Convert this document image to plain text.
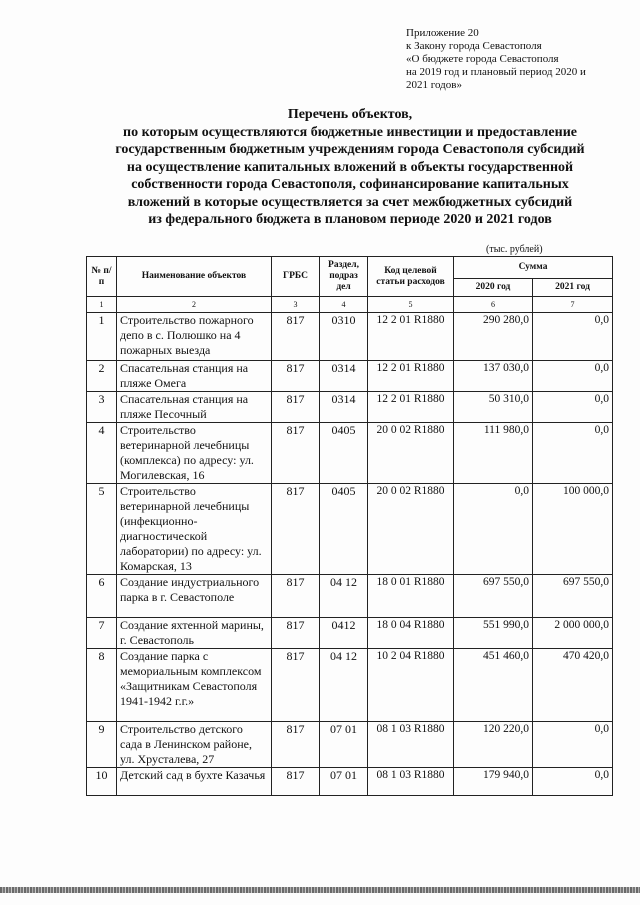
Приложение 20
к Закону города Севастополя
«О бюджете города Севастополя
на 2019 год и плановый период 2020 и
2021 годов»
Перечень объектов,
по которым осуществляются бюджетные инвестиции и предоставление
государственным бюджетным учреждениям города Севастополя субсидий
на осуществление капитальных вложений в объекты государственной
собственности города Севастополя, софинансирование капитальных
вложений в которые осуществляется за счет межбюджетных субсидий
из федерального бюджета в плановом периоде 2020 и 2021 годов
(тыс. рублей)
№ п/п	Наименование объектов	ГРБС	Раздел, подраз дел	Код целевой статьи расходов	Сумма	
					2020 год	2021 год
1	2	3	4	5	6	7
1	Строительство пожарного депо в с. Полюшко на 4 пожарных выезда	817	0310	12 2 01 R1880	290 280,0	0,0
2	Спасательная станция на пляже Омега	817	0314	12 2 01 R1880	137 030,0	0,0
3	Спасательная станция на пляже Песочный	817	0314	12 2 01 R1880	50 310,0	0,0
4	Строительство ветеринарной лечебницы (комплекса) по адресу: ул. Могилевская, 16	817	0405	20 0 02 R1880	111 980,0	0,0
5	Строительство ветеринарной лечебницы (инфекционно-диагностической лаборатории) по адресу: ул. Комарская, 13	817	0405	20 0 02 R1880	0,0	100 000,0
6	Создание индустриального парка в г. Севастополе	817	04 12	18 0 01 R1880	697 550,0	697 550,0
7	Создание яхтенной марины, г. Севастополь	817	0412	18 0 04 R1880	551 990,0	2 000 000,0
8	Создание парка с мемориальным комплексом «Защитникам Севастополя 1941-1942 г.г.»	817	04 12	10 2 04 R1880	451 460,0	470 420,0
9	Строительство детского сада в Ленинском районе, ул. Хрусталева, 27	817	07 01	08 1 03 R1880	120 220,0	0,0
10	Детский сад в бухте Казачья	817	07 01	08 1 03 R1880	179 940,0	0,0
